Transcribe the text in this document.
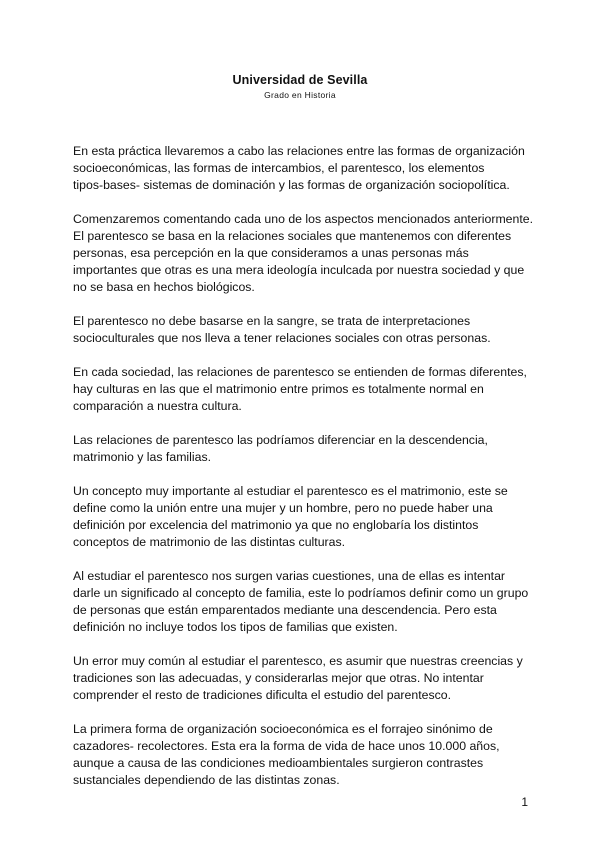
Universidad de Sevilla
Grado en Historia

En esta práctica llevaremos a cabo las relaciones entre las formas de organización
socioeconómicas, las formas de intercambios, el parentesco, los elementos
tipos-bases- sistemas de dominación y las formas de organización sociopolítica.

Comenzaremos comentando cada uno de los aspectos mencionados anteriormente.
El parentesco se basa en la relaciones sociales que mantenemos con diferentes
personas, esa percepción en la que consideramos a unas personas más
importantes que otras es una mera ideología inculcada por nuestra sociedad y que
no se basa en hechos biológicos.

El parentesco no debe basarse en la sangre, se trata de interpretaciones
socioculturales que nos lleva a tener relaciones sociales con otras personas.

En cada sociedad, las relaciones de parentesco se entienden de formas diferentes,
hay culturas en las que el matrimonio entre primos es totalmente normal en
comparación a nuestra cultura.

Las relaciones de parentesco las podríamos diferenciar en la descendencia,
matrimonio y las familias.

Un concepto muy importante al estudiar el parentesco es el matrimonio, este se
define como la unión entre una mujer y un hombre, pero no puede haber una
definición por excelencia del matrimonio ya que no englobaría los distintos
conceptos de matrimonio de las distintas culturas.

Al estudiar el parentesco nos surgen varias cuestiones, una de ellas es intentar
darle un significado al concepto de familia, este lo podríamos definir como un grupo
de personas que están emparentados mediante una descendencia. Pero esta
definición no incluye todos los tipos de familias que existen.

Un error muy común al estudiar el parentesco, es asumir que nuestras creencias y
tradiciones son las adecuadas, y considerarlas mejor que otras. No intentar
comprender el resto de tradiciones dificulta el estudio del parentesco.

La primera forma de organización socioeconómica es el forrajeo sinónimo de
cazadores- recolectores. Esta era la forma de vida de hace unos 10.000 años,
aunque a causa de las condiciones medioambientales surgieron contrastes
sustanciales dependiendo de las distintas zonas.

1
